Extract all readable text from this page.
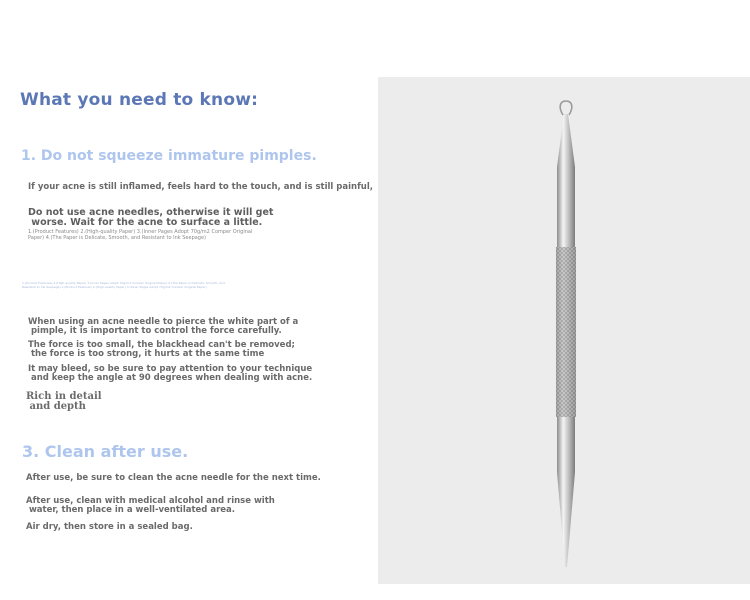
What you need to know:
1. Do not squeeze immature pimples.
If your acne is still inflamed, feels hard to the touch, and is still painful,
Do not use acne needles, otherwise it will get
worse. Wait for the acne to surface a little.
1.(Product Features) 2.(High-quality Paper) 3.(Inner Pages Adopt 70g/m2 Comper Original
Paper) 4.(The Paper is Delicate, Smooth, and Resistant to Ink Seepage)
1.(Product Features) 2.(High-quality Paper) 3.(Inner Pages Adopt 70g/m2 Comper Original Paper) 4.(The Paper is Delicate, Smooth, and Resistant to Ink Seepage) 1.(Product Features) 2.(High-quality Paper) 3.(Inner Pages Adopt 70g/m2 Comper Original Paper)
When using an acne needle to pierce the white part of a
pimple, it is important to control the force carefully.
The force is too small, the blackhead can't be removed;
the force is too strong, it hurts at the same time
It may bleed, so be sure to pay attention to your technique
and keep the angle at 90 degrees when dealing with acne.
Rich in detail
and depth
3. Clean after use.
After use, be sure to clean the acne needle for the next time.
After use, clean with medical alcohol and rinse with
water, then place in a well-ventilated area.
Air dry, then store in a sealed bag.
